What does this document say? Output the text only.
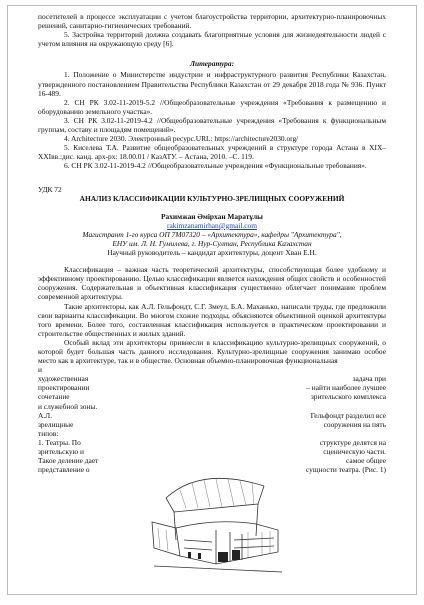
посетителей в процессе эксплуатации с учетом благоустройства территории, архитектурно-планировочных решений, санитарно-гигиенических требований.

5. Застройка территорий должна создавать благоприятные условия для жизнедеятельности людей с учетом влияния на окружающую среду [6].

Литература:

1. Положение о Министерстве индустрии и инфраструктурного развития Республики Казахстан, утвержденного постановлением Правительства Республики Казахстан от 29 декабря 2018 года № 936. Пункт 16-489.

2. СН РК 3.02-11-2019-5.2 //Общеобразовательные учреждения «Требования к размещению и оборудованию земельного участка».

3. СН РК 3.02-11-2019-4.2 //Общеобразовательные учреждения «Требования к функциональным группам, составу и площадям помещений».

4. Architecture 2030. Электронный ресурс.URL: https://architecture2030.org/

5. Киселева Т.А. Развитие общеобразовательных учреждений в структуре города Астана в ХIХ–ХХIвв.:дис. канд. арх-рх: 18.00.01 / КазАТУ. – Астана, 2010. –С. 119.

6. СН РК 3.02-11-2019-4.2 //Общеобразовательные учреждения «Функциональные требования».

УДК 72

АНАЛИЗ КЛАССИФИКАЦИИ КУЛЬТУРНО-ЗРЕЛИЩНЫХ СООРУЖЕНИЙ

Рахимжан Әмірхан Маратұлы

rakimzanamirhan@gmail.com

Магистрант 1-го курса ОП 7М07320 – «Архитектура», кафедры "Архитектура",

ЕНУ им. Л. Н. Гумилева, г. Нур-Султан, Республика Казахстан

Научный руководитель – кандидат архитектуры, доцент Хван Е.Н.

Классификация – важная часть теоретической архитектуры, способствующая более удобному и эффективному проектированию. Целью классификации является нахождения общих свойств и особенностей сооружения. Содержательная и объективная классификация существенно облегчает понимание проблем современной архитектуры.

Такие архитекторы, как А.Л. Гельфондт, С.Г. Змеул, Б.А. Маханько, написали труды, где предложили свои варианты классификации. Во многом схожие подходы, объясняются объективной оценкой архитектуры того времени. Более того, составленная классификация используется в практическом проектировании и строительстве общественных и жилых зданий.

Особый вклад эти архитекторы привнесли в классификацию культурно-зрелищных сооружений, о которой будет большая часть данного исследования. Культурно-зрелищные сооружения занимаю особое место как в архитектуре, так и в обществе. Основная объемно-планировочная функциональная

и
художественная	задача при
проектировании	– найти наиболее лучшее
сочетание	зрительского комплекса
и служебной зоны.
А.Л.	Гельфондт разделил все
зрелищные	сооружения на пять
типов:
1. Театры. По	структуре делятся на
зрительскую и	сценическую части.
Такое деление дает	самое общее
представление о	сущности театра. (Рис. 1)
